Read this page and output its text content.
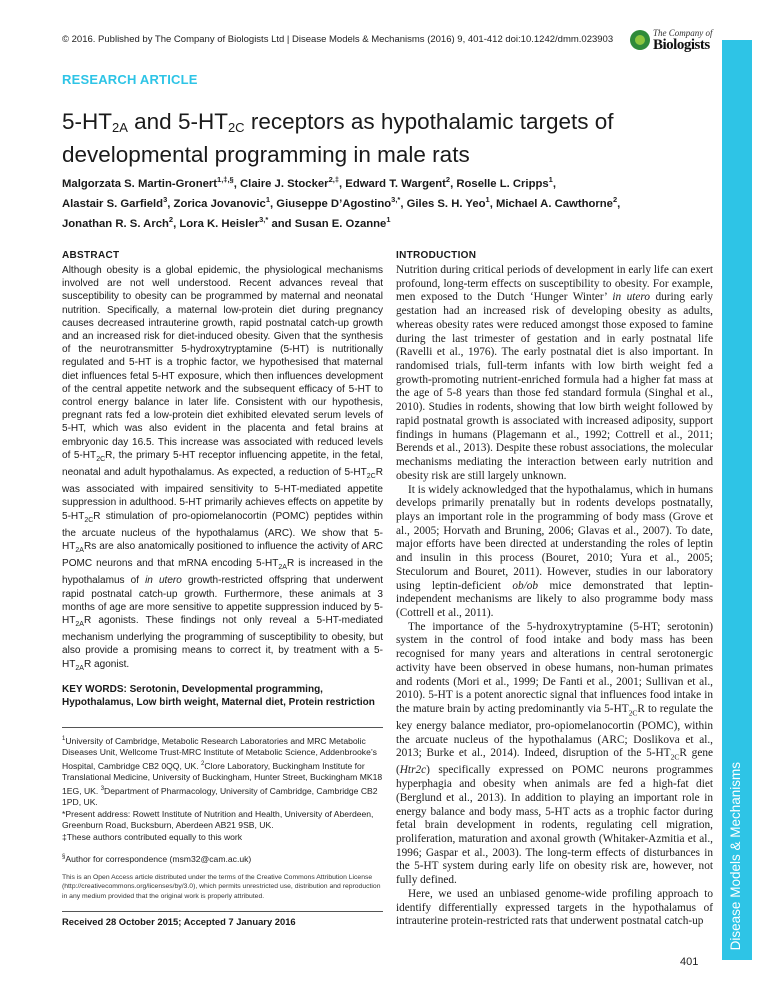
© 2016. Published by The Company of Biologists Ltd | Disease Models & Mechanisms (2016) 9, 401-412 doi:10.1242/dmm.023903
The Company of
Biologists
Disease Models & Mechanisms
RESEARCH ARTICLE
$5-HT_{2A}$ and $5-HT_{2C}$ receptors as hypothalamic targets of developmental programming in male rats
Malgorzata S. Martin-Gronert$^{1,\ddagger,\S}$, Claire J. Stocker$^{2,\ddagger}$, Edward T. Wargent$^2$, Roselle L. Cripps$^1$,
Alastair S. Garfield$^3$, Zorica Jovanovic$^1$, Giuseppe D’Agostino$^{3,*}$, Giles S. H. Yeo$^1$, Michael A. Cawthorne$^2$,
Jonathan R. S. Arch$^2$, Lora K. Heisler$^{3,*}$ and Susan E. Ozanne$^1$
ABSTRACT

Although obesity is a global epidemic, the physiological mechanisms involved are not well understood. Recent advances reveal that susceptibility to obesity can be programmed by maternal and neonatal nutrition. Specifically, a maternal low-protein diet during pregnancy causes decreased intrauterine growth, rapid postnatal catch-up growth and an increased risk for diet-induced obesity. Given that the synthesis of the neurotransmitter 5-hydroxytryptamine (5-HT) is nutritionally regulated and 5-HT is a trophic factor, we hypothesised that maternal diet influences fetal 5-HT exposure, which then influences development of the central appetite network and the subsequent efficacy of 5-HT to control energy balance in later life. Consistent with our hypothesis, pregnant rats fed a low-protein diet exhibited elevated serum levels of 5-HT, which was also evident in the placenta and fetal brains at embryonic day 16.5. This increase was associated with reduced levels of $5-HT_{2C}R$, the primary 5-HT receptor influencing appetite, in the fetal, neonatal and adult hypothalamus. As expected, a reduction of $5-HT_{2C}R$ was associated with impaired sensitivity to 5-HT-mediated appetite suppression in adulthood. 5-HT primarily achieves effects on appetite by $5-HT_{2C}R$ stimulation of pro-opiomelanocortin (POMC) peptides within the arcuate nucleus of the hypothalamus (ARC). We show that $5-HT_{2A}Rs$ are also anatomically positioned to influence the activity of ARC POMC neurons and that mRNA encoding $5-HT_{2A}R$ is increased in the hypothalamus of in utero growth-restricted offspring that underwent rapid postnatal catch-up growth. Furthermore, these animals at 3 months of age are more sensitive to appetite suppression induced by $5-HT_{2A}R$ agonists. These findings not only reveal a 5-HT-mediated mechanism underlying the programming of susceptibility to obesity, but also provide a promising means to correct it, by treatment with a $5-HT_{2A}R$ agonist.

KEY WORDS: Serotonin, Developmental programming, Hypothalamus, Low birth weight, Maternal diet, Protein restriction

$^1$University of Cambridge, Metabolic Research Laboratories and MRC Metabolic Diseases Unit, Wellcome Trust-MRC Institute of Metabolic Science, Addenbrooke’s Hospital, Cambridge CB2 0QQ, UK. $^2$Clore Laboratory, Buckingham Institute for Translational Medicine, University of Buckingham, Hunter Street, Buckingham MK18 1EG, UK. $^3$Department of Pharmacology, University of Cambridge, Cambridge CB2 1PD, UK.
*Present address: Rowett Institute of Nutrition and Health, University of Aberdeen, Greenburn Road, Bucksburn, Aberdeen AB21 9SB, UK.
‡These authors contributed equally to this work

§Author for correspondence (msm32@cam.ac.uk)

This is an Open Access article distributed under the terms of the Creative Commons Attribution License (http://creativecommons.org/licenses/by/3.0), which permits unrestricted use, distribution and reproduction in any medium provided that the original work is properly attributed.

Received 28 October 2015; Accepted 7 January 2016
INTRODUCTION

Nutrition during critical periods of development in early life can exert profound, long-term effects on susceptibility to obesity. For example, men exposed to the Dutch ‘Hunger Winter’ in utero during early gestation had an increased risk of developing obesity as adults, whereas obesity rates were reduced amongst those exposed to famine during the last trimester of gestation and in early postnatal life (Ravelli et al., 1976). The early postnatal diet is also important. In randomised trials, full-term infants with low birth weight fed a growth-promoting nutrient-enriched formula had a higher fat mass at the age of 5-8 years than those fed standard formula (Singhal et al., 2010). Studies in rodents, showing that low birth weight followed by rapid postnatal growth is associated with increased adiposity, support findings in humans (Plagemann et al., 1992; Cottrell et al., 2011; Berends et al., 2013). Despite these robust associations, the molecular mechanisms mediating the interaction between early nutrition and obesity risk are still largely unknown.

It is widely acknowledged that the hypothalamus, which in humans develops primarily prenatally but in rodents develops postnatally, plays an important role in the programming of body mass (Grove et al., 2005; Horvath and Bruning, 2006; Glavas et al., 2007). To date, major efforts have been directed at understanding the roles of leptin and insulin in this process (Bouret, 2010; Yura et al., 2005; Steculorum and Bouret, 2011). However, studies in our laboratory using leptin-deficient ob/ob mice demonstrated that leptin-independent mechanisms are likely to also programme body mass (Cottrell et al., 2011).

The importance of the 5-hydroxytryptamine (5-HT; serotonin) system in the control of food intake and body mass has been recognised for many years and alterations in central serotonergic activity have been observed in obese humans, non-human primates and rodents (Mori et al., 1999; De Fanti et al., 2001; Sullivan et al., 2010). 5-HT is a potent anorectic signal that influences food intake in the mature brain by acting predominantly via $5-HT_{2C}R$ to regulate the key energy balance mediator, pro-opiomelanocortin (POMC), within the arcuate nucleus of the hypothalamus (ARC; Doslikova et al., 2013; Burke et al., 2014). Indeed, disruption of the $5-HT_{2C}R$ gene (Htr2c) specifically expressed on POMC neurons programmes hyperphagia and obesity when animals are fed a high-fat diet (Berglund et al., 2013). In addition to playing an important role in energy balance and body mass, 5-HT acts as a trophic factor during fetal brain development in rodents, regulating cell migration, proliferation, maturation and axonal growth (Whitaker-Azmitia et al., 1996; Gaspar et al., 2003). The long-term effects of disturbances in the 5-HT system during early life on obesity risk are, however, not fully defined.

Here, we used an unbiased genome-wide profiling approach to identify differentially expressed targets in the hypothalamus of intrauterine protein-restricted rats that underwent postnatal catch-up

401
